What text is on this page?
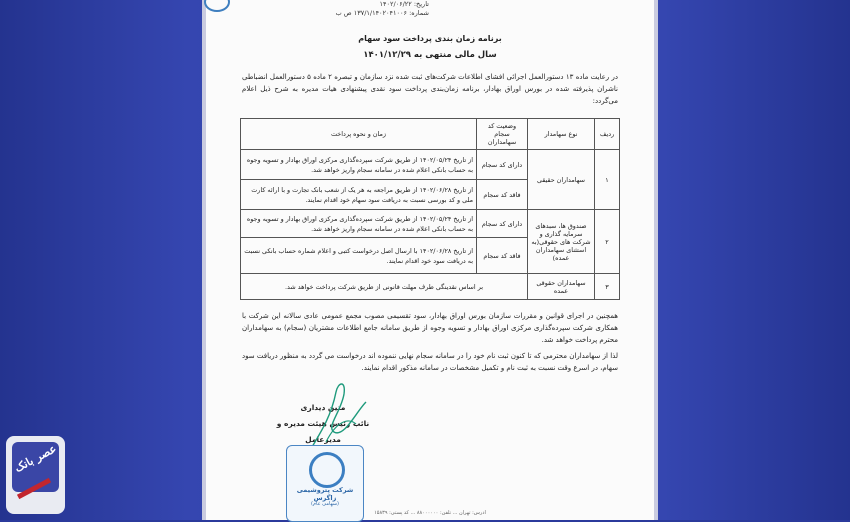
تاریخ: ۱۴۰۲/۰۶/۲۲
شماره: ۱۳۷/۱/۱۴۰۲۰۴۱۰۰۶ ص ب
برنامه زمان بندی پرداخت سود سهام
سال مالی منتهی به ۱۴۰۱/۱۲/۲۹
در رعایت ماده ۱۳ دستورالعمل اجرائی افشای اطلاعات شرکت‌های ثبت شده نزد سازمان و تبصره ۲ ماده ۵ دستورالعمل انضباطی ناشران پذیرفته شده در بورس اوراق بهادار، برنامه زمان‌بندی پرداخت سود نقدی پیشنهادی هیات مدیره به شرح ذیل اعلام می‌گردد:
ردیف	نوع سهامدار	وضعیت کد سجام سهامداران	زمان و نحوه پرداخت
۱	سهامداران حقیقی	دارای کد سجام	از تاریخ ۱۴۰۲/۰۵/۲۴ از طریق شرکت سپرده‌گذاری مرکزی اوراق بهادار و تسویه وجوه به حساب بانکی اعلام شده در سامانه سجام واریز خواهد شد.
		فاقد کد سجام	از تاریخ ۱۴۰۲/۰۶/۲۸ از طریق مراجعه به هر یک از شعب بانک تجارت و با ارائه کارت ملی و کد بورسی نسبت به دریافت سود سهام خود اقدام نمایند.
۲	صندوق ها، سبدهای سرمایه گذاری و شرکت های حقوقی(به استثنای سهامداران عمده)	دارای کد سجام	از تاریخ ۱۴۰۲/۰۵/۲۴ از طریق شرکت سپرده‌گذاری مرکزی اوراق بهادار و تسویه وجوه به حساب بانکی اعلام شده در سامانه سجام واریز خواهد شد.
		فاقد کد سجام	از تاریخ ۱۴۰۲/۰۶/۲۸ با ارسال اصل درخواست کتبی و اعلام شماره حساب بانکی نسبت به دریافت سود خود اقدام نمایند.
۳	سهامداران حقوقی عمده	بر اساس نقدینگی طرف مهلت قانونی از طریق شرکت پرداخت خواهد شد.	
همچنین در اجرای قوانین و مقررات سازمان بورس اوراق بهادار، سود تقسیمی مصوب مجمع عمومی عادی سالانه این شرکت با همکاری شرکت سپرده‌گذاری مرکزی اوراق بهادار و تسویه وجوه از طریق سامانه جامع اطلاعات مشتریان (سجام) به سهامداران محترم پرداخت خواهد شد.
لذا از سهامداران محترمی که تا کنون ثبت نام خود را در سامانه سجام نهایی ننموده اند درخواست می گردد به منظور دریافت سود سهام، در اسرع وقت نسبت به ثبت نام و تکمیل مشخصات در سامانه مذکور اقدام نمایند.
متین دیداری
نائب رئیس هیئت مدیره و مدیرعامل
شرکت پتروشیمی زاگرس
(سهامی عام)
آدرس: تهران ... تلفن: ۸۸۰۰۰۰۰۰ ... کد پستی: ۱۵۸۳۹
عصر بانک
